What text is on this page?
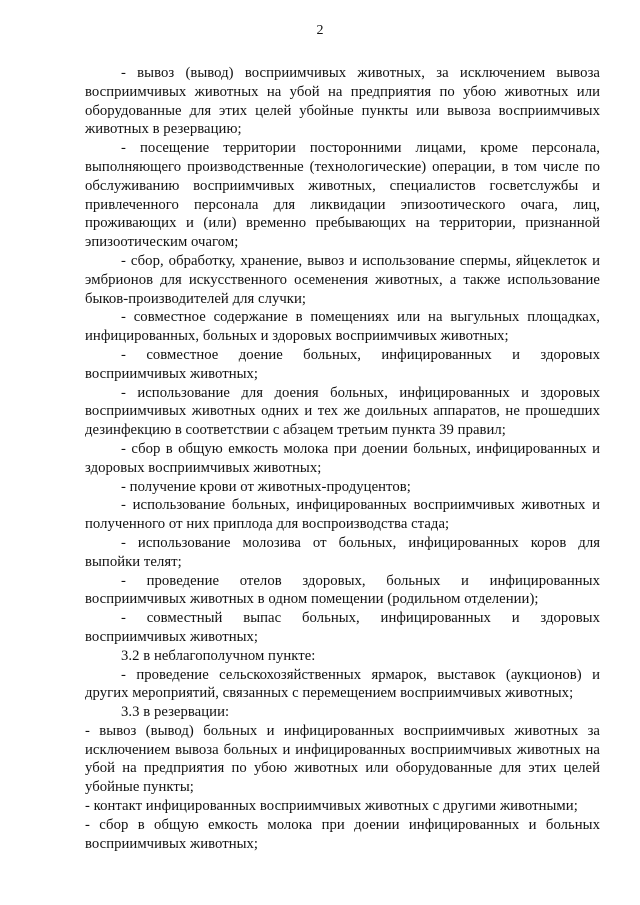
2

- вывоз (вывод) восприимчивых животных, за исключением вывоза восприимчивых животных на убой на предприятия по убою животных или оборудованные для этих целей убойные пункты или вывоза восприимчивых животных в резервацию;

- посещение территории посторонними лицами, кроме персонала, выполняющего производственные (технологические) операции, в том числе по обслуживанию восприимчивых животных, специалистов госветслужбы и привлеченного персонала для ликвидации эпизоотического очага, лиц, проживающих и (или) временно пребывающих на территории, признанной эпизоотическим очагом;

- сбор, обработку, хранение, вывоз и использование спермы, яйцеклеток и эмбрионов для искусственного осеменения животных, а также использование быков-производителей для случки;

- совместное содержание в помещениях или на выгульных площадках, инфицированных, больных и здоровых восприимчивых животных;

- совместное доение больных, инфицированных и здоровых восприимчивых животных;

- использование для доения больных, инфицированных и здоровых восприимчивых животных одних и тех же доильных аппаратов, не прошедших дезинфекцию в соответствии с абзацем третьим пункта 39 правил;

- сбор в общую емкость молока при доении больных, инфицированных и здоровых восприимчивых животных;

- получение крови от животных-продуцентов;

- использование больных, инфицированных восприимчивых животных и полученного от них приплода для воспроизводства стада;

- использование молозива от больных, инфицированных коров для выпойки телят;

- проведение отелов здоровых, больных и инфицированных восприимчивых животных в одном помещении (родильном отделении);

- совместный выпас больных, инфицированных и здоровых восприимчивых животных;

3.2 в неблагополучном пункте:

- проведение сельскохозяйственных ярмарок, выставок (аукционов) и других мероприятий, связанных с перемещением восприимчивых животных;

3.3 в резервации:

- вывоз (вывод) больных и инфицированных восприимчивых животных за исключением вывоза больных и инфицированных восприимчивых животных на убой на предприятия по убою животных или оборудованные для этих целей убойные пункты;

- контакт инфицированных восприимчивых животных с другими животными;

- сбор в общую емкость молока при доении инфицированных и больных восприимчивых животных;
